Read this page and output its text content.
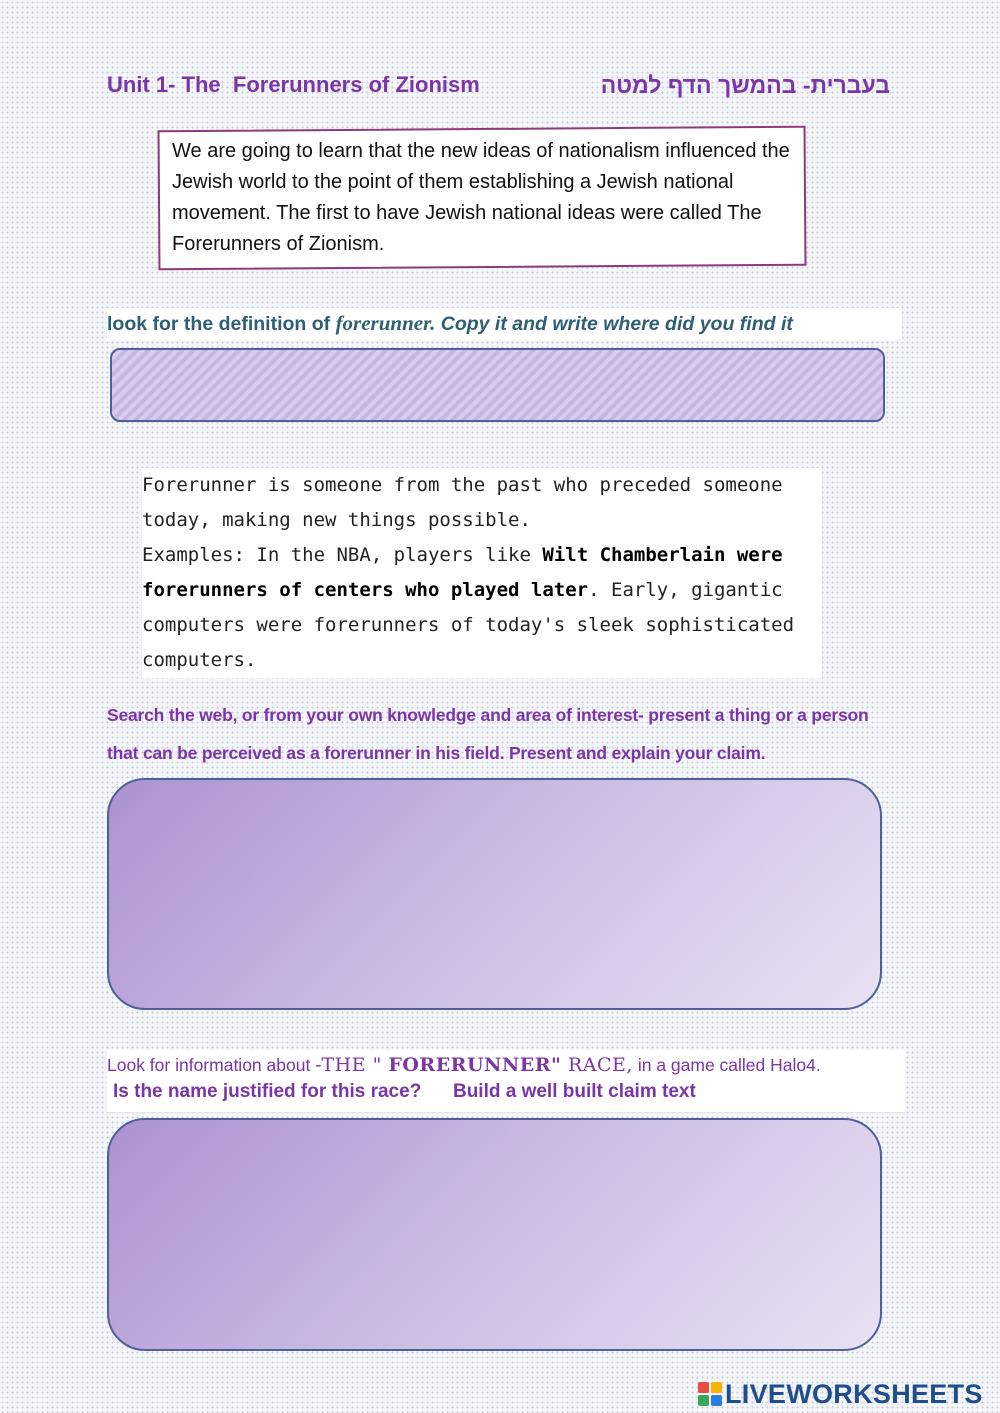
Unit 1- The  Forerunners of Zionism	בעברית- בהמשך הדף למטה
We are going to learn that the new ideas of nationalism influenced the Jewish world to the point of them establishing a Jewish national movement. The first to have Jewish national ideas were called The Forerunners of Zionism.
look for the definition of forerunner. Copy it and write where did you find it
Forerunner is someone from the past who preceded someone
today, making new things possible.
Examples: In the NBA, players like Wilt Chamberlain were
forerunners of centers who played later. Early, gigantic
computers were forerunners of today's sleek sophisticated
computers.
Search the web, or from your own knowledge and area of interest- present a thing or a person that can be perceived as a forerunner in his field. Present and explain your claim.
Look for information about -THE " FORERUNNER" RACE, in a game called Halo4.
Is the name justified for this race?      Build a well built claim text
LIVEWORKSHEETS
